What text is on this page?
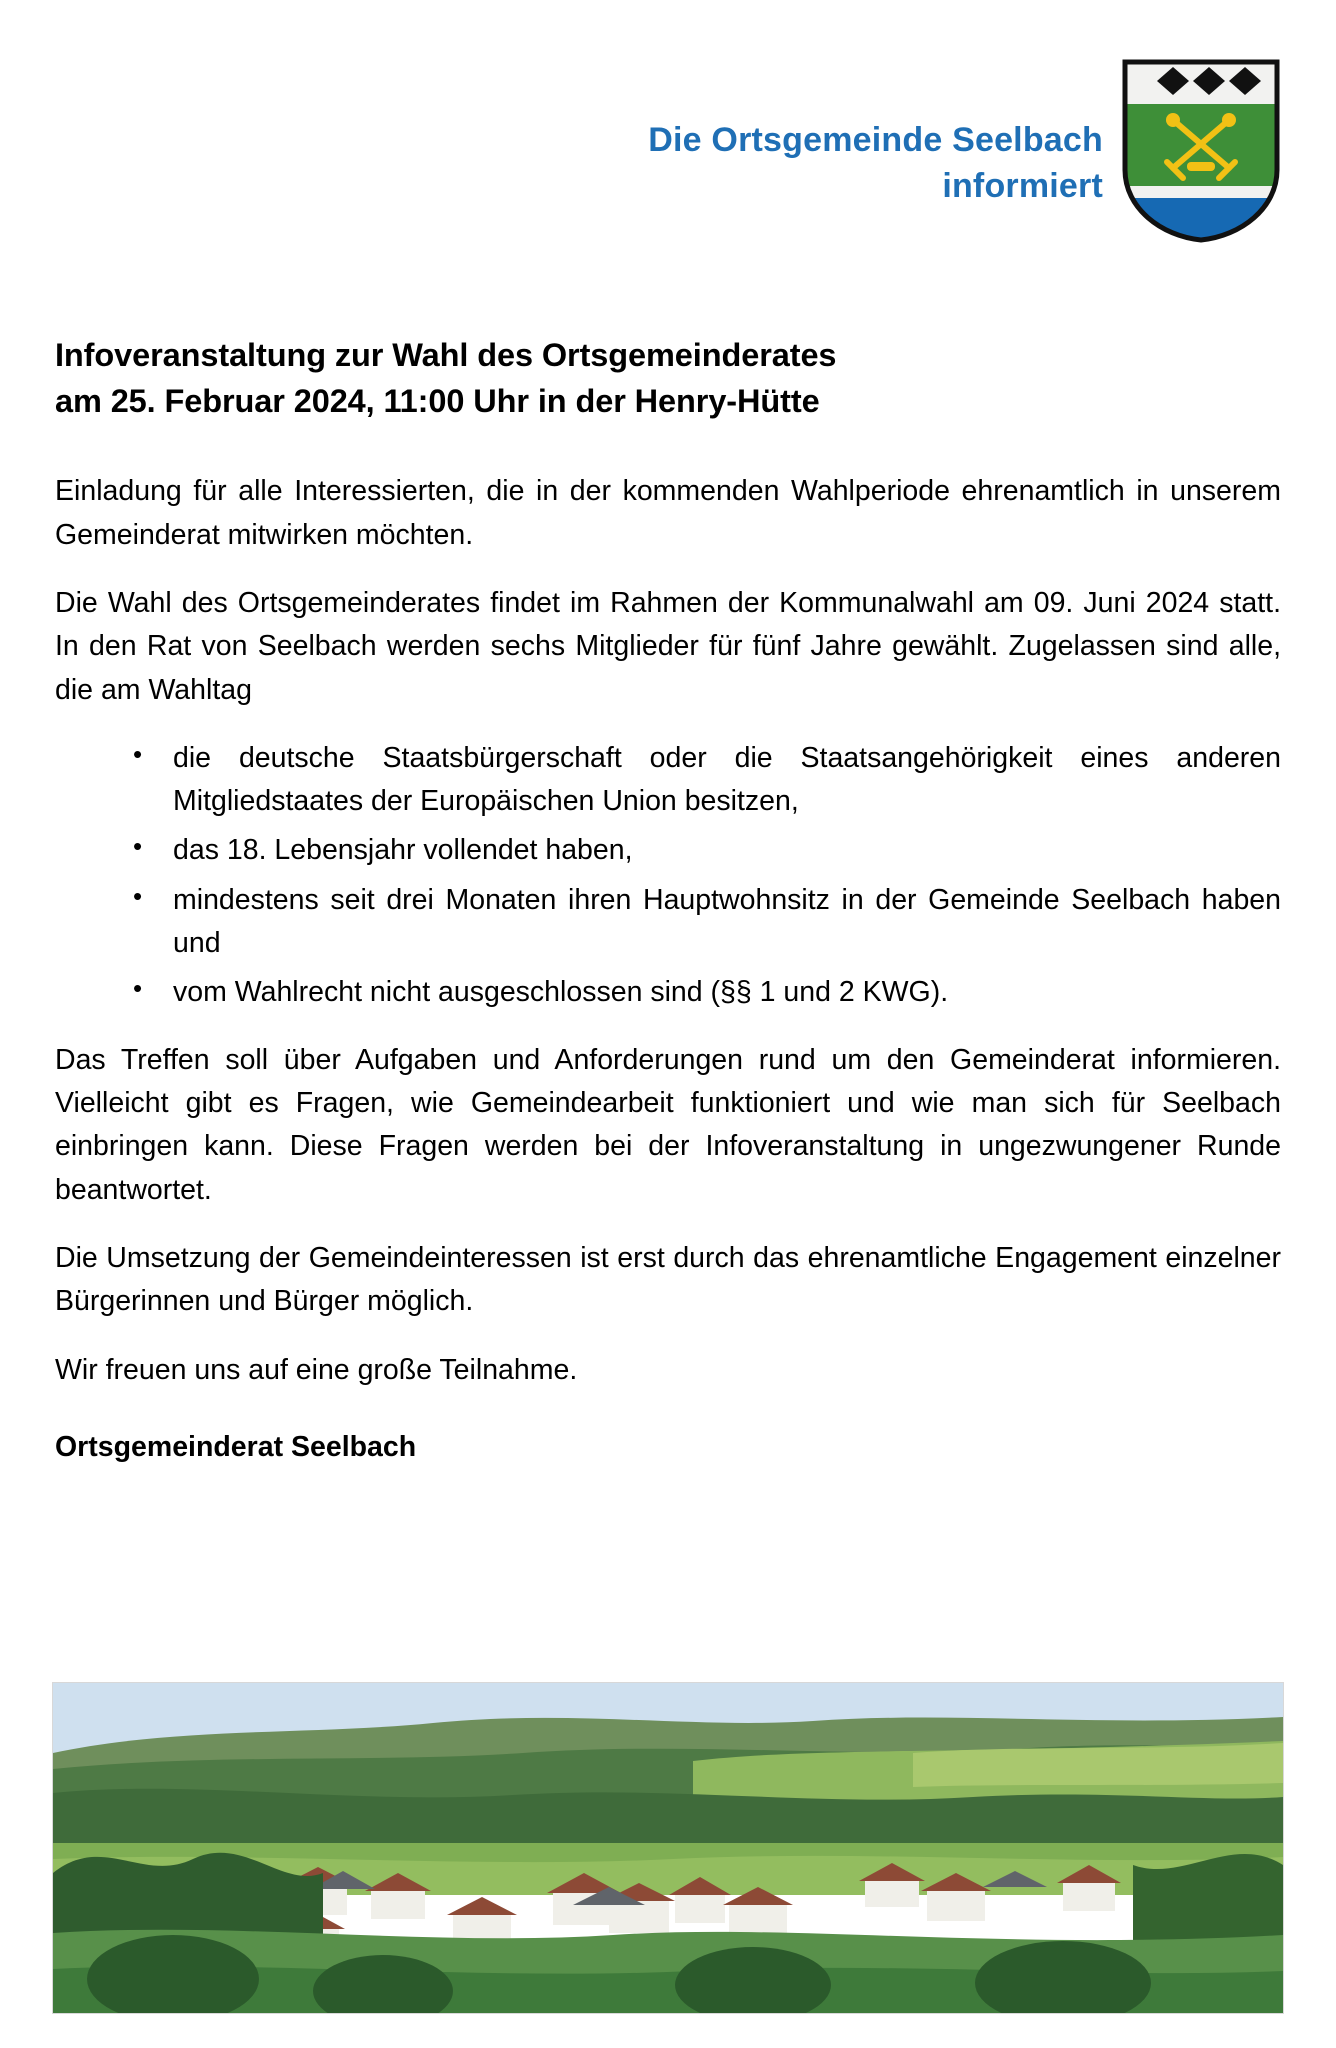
Die Ortsgemeinde Seelbach
informiert
Infoveranstaltung zur Wahl des Ortsgemeinderates
am 25. Februar 2024, 11:00 Uhr in der Henry-Hütte

Einladung für alle Interessierten, die in der kommenden Wahlperiode ehrenamtlich in unserem Gemeinderat mitwirken möchten.

Die Wahl des Ortsgemeinderates findet im Rahmen der Kommunalwahl am 09. Juni 2024 statt. In den Rat von Seelbach werden sechs Mitglieder für fünf Jahre gewählt. Zugelassen sind alle, die am Wahltag

• die deutsche Staatsbürgerschaft oder die Staatsangehörigkeit eines anderen Mitgliedstaates der Europäischen Union besitzen,
• das 18. Lebensjahr vollendet haben,
• mindestens seit drei Monaten ihren Hauptwohnsitz in der Gemeinde Seelbach haben und
• vom Wahlrecht nicht ausgeschlossen sind (§§ 1 und 2 KWG).

Das Treffen soll über Aufgaben und Anforderungen rund um den Gemeinderat informieren. Vielleicht gibt es Fragen, wie Gemeindearbeit funktioniert und wie man sich für Seelbach einbringen kann. Diese Fragen werden bei der Infoveranstaltung in ungezwungener Runde beantwortet.

Die Umsetzung der Gemeindeinteressen ist erst durch das ehrenamtliche Engagement einzelner Bürgerinnen und Bürger möglich.

Wir freuen uns auf eine große Teilnahme.

Ortsgemeinderat Seelbach
